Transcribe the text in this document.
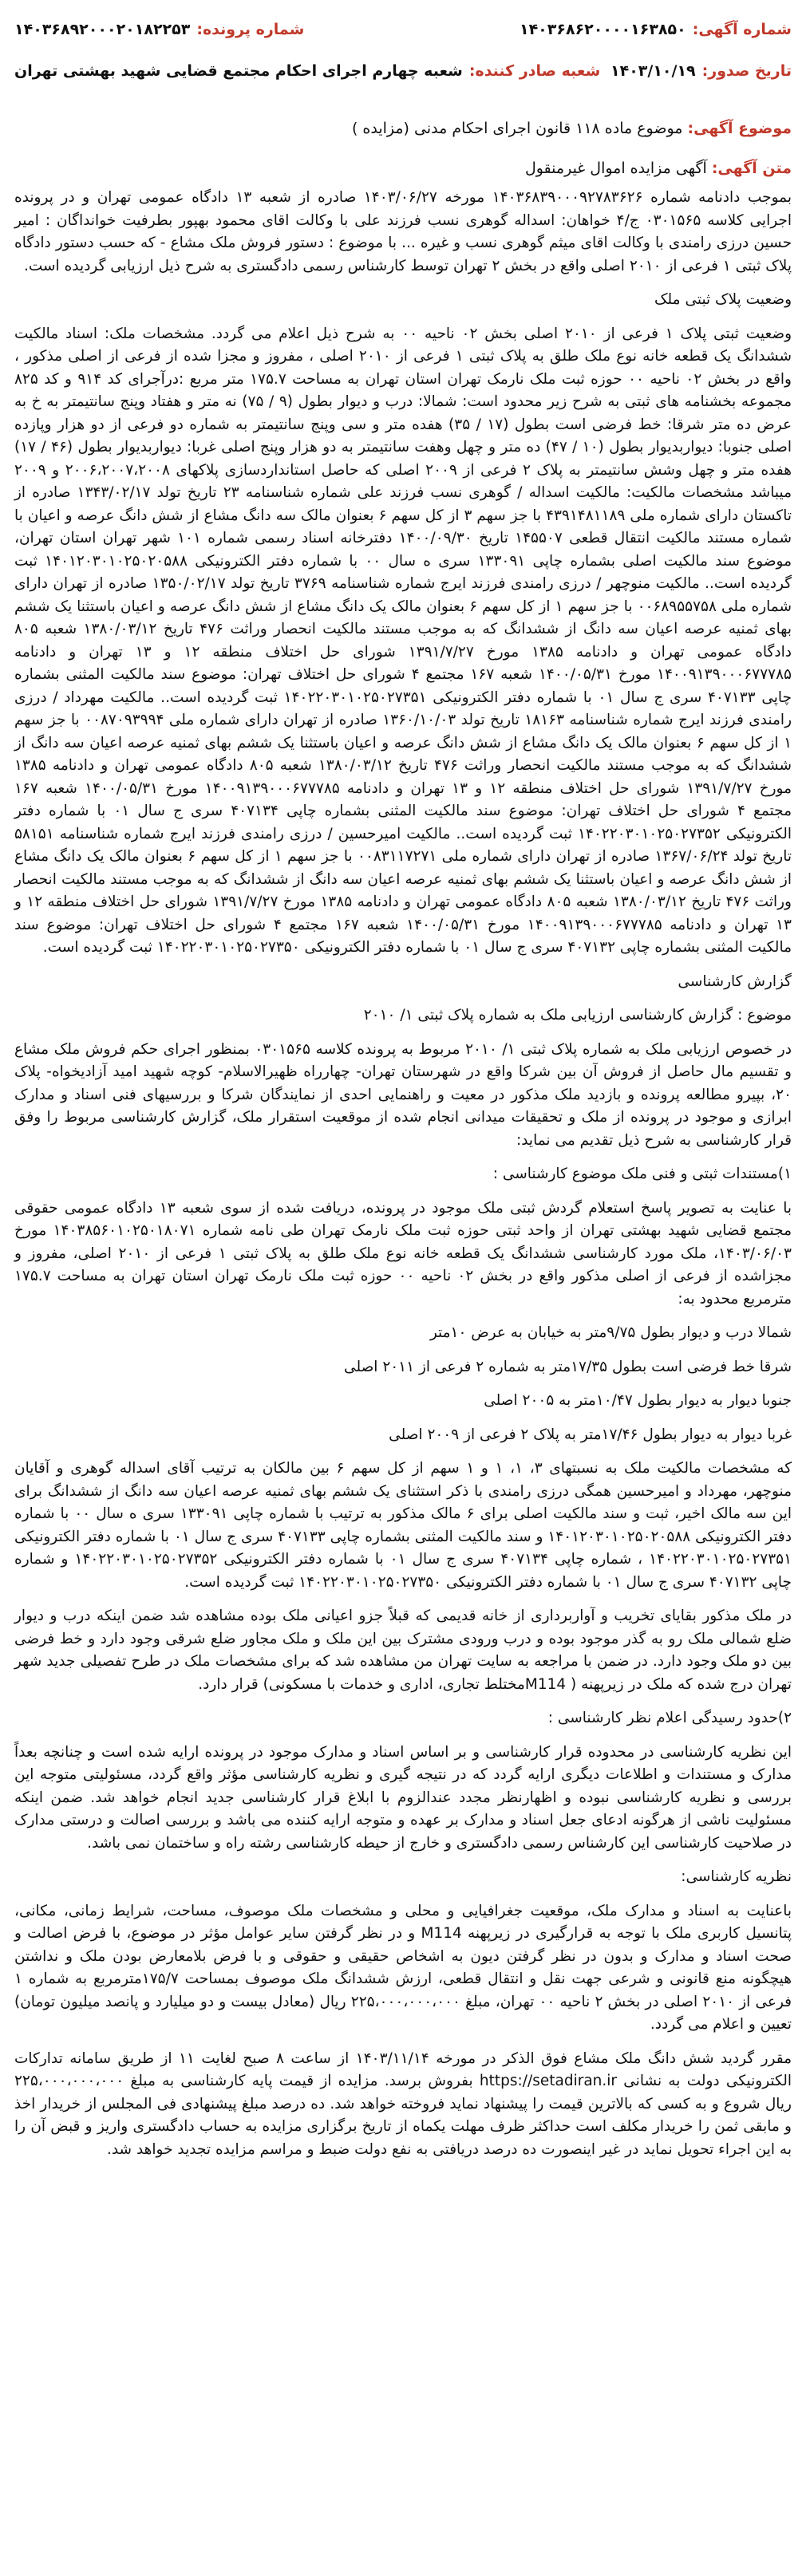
شماره آگهی:
۱۴۰۳۶۸۶۲۰۰۰۰۱۶۳۸۵۰
شماره پرونده:
۱۴۰۳۶۸۹۲۰۰۰۲۰۱۸۲۲۵۳
تاریخ صدور:
۱۴۰۳/۱۰/۱۹
شعبه صادر کننده:
شعبه چهارم اجرای احکام مجتمع قضایی شهید بهشتی تهران
موضوع آگهی: موضوع ماده ۱۱۸ قانون اجرای احکام مدنی (مزایده )
متن آگهی: آگهی مزایده اموال غیرمنقول

بموجب دادنامه شماره ۱۴۰۳۶۸۳۹۰۰۰۹۲۷۸۳۶۲۶ مورخه ۱۴۰۳/۰۶/۲۷ صادره از شعبه ۱۳ دادگاه عمومی تهران و در پرونده اجرایی کلاسه ۰۳۰۱۵۶۵ ج/۴ خواهان: اسداله گوهری نسب فرزند علی با وکالت اقای محمود بهپور بطرفیت خوانداگان : امیر حسین درزی رامندی با وکالت اقای میثم گوهری نسب و غیره ... با موضوع : دستور فروش ملک مشاع - که حسب دستور دادگاه پلاک ثبتی ۱ فرعی از ۲۰۱۰ اصلی واقع در بخش ۲ تهران توسط کارشناس رسمی دادگستری به شرح ذیل ارزیابی گردیده است.

وضعیت پلاک ثبتی ملک

وضعیت ثبتی پلاک ۱ فرعی از ۲۰۱۰ اصلی بخش ۰۲ ناحیه ۰۰ به شرح ذیل اعلام می گردد. مشخصات ملک: اسناد مالکیت ششدانگ یک قطعه خانه نوع ملک طلق به پلاک ثبتی ۱ فرعی از ۲۰۱۰ اصلی ، مفروز و مجزا شده از فرعی از اصلی مذکور ، واقع در بخش ۰۲ ناحیه ۰۰ حوزه ثبت ملک نارمک تهران استان تهران به مساحت ۱۷۵.۷ متر مربع :درآجرای کد ۹۱۴ و کد ۸۲۵ مجموعه بخشنامه های ثبتی به شرح زیر محدود است: شمالا: درب و دیوار بطول (۹ / ۷۵) نه متر و هفتاد وپنج سانتیمتر به خ به عرض ده متر شرقا: خط فرضی است بطول (۱۷ / ۳۵) هفده متر و سی وپنج سانتیمتر به شماره دو فرعی از دو هزار وپازده اصلی جنوبا: دیواربدیوار بطول (۱۰ / ۴۷) ده متر و چهل وهفت سانتیمتر به دو هزار وپنج اصلی غربا: دیواربدیوار بطول (۴۶ / ۱۷) هفده متر و چهل وشش سانتیمتر به پلاک ۲ فرعی از ۲۰۰۹ اصلی که حاصل استانداردسازی پلاکهای ۲۰۰۶،۲۰۰۷،۲۰۰۸ و ۲۰۰۹ میباشد مشخصات مالکیت: مالکیت اسداله / گوهری نسب فرزند علی شماره شناسنامه ۲۳ تاریخ تولد ۱۳۴۳/۰۲/۱۷ صادره از تاکستان دارای شماره ملی ۴۳۹۱۴۸۱۱۸۹ با جز سهم ۳ از کل سهم ۶ بعنوان مالک سه دانگ مشاع از شش دانگ عرصه و اعیان با شماره مستند مالکیت انتقال قطعی ۱۴۵۵۰۷ تاریخ ۱۴۰۰/۰۹/۳۰ دفترخانه اسناد رسمی شماره ۱۰۱ شهر تهران استان تهران، موضوع سند مالکیت اصلی بشماره چاپی ۱۳۳۰۹۱ سری ه سال ۰۰ با شماره دفتر الکترونیکی ۱۴۰۱۲۰۳۰۱۰۲۵۰۲۰۵۸۸ ثبت گردیده است.. مالکیت منوچهر / درزی رامندی فرزند ایرج شماره شناسنامه ۳۷۶۹ تاریخ تولد ۱۳۵۰/۰۲/۱۷ صادره از تهران دارای شماره ملی ۰۰۶۸۹۵۵۷۵۸ با جز سهم ۱ از کل سهم ۶ بعنوان مالک یک دانگ مشاع از شش دانگ عرصه و اعیان باستثنا یک ششم بهای ثمنیه عرصه اعیان سه دانگ از ششدانگ که به موجب مستند مالکیت انحصار وراثت ۴۷۶ تاریخ ۱۳۸۰/۰۳/۱۲ شعبه ۸۰۵ دادگاه عمومی تهران و دادنامه ۱۳۸۵ مورخ ۱۳۹۱/۷/۲۷ شورای حل اختلاف منطقه ۱۲ و ۱۳ تهران و دادنامه ۱۴۰۰۹۱۳۹۰۰۰۶۷۷۷۸۵ مورخ ۱۴۰۰/۰۵/۳۱ شعبه ۱۶۷ مجتمع ۴ شورای حل اختلاف تهران: موضوع سند مالکیت المثنی بشماره چاپی ۴۰۷۱۳۳ سری ج سال ۰۱ با شماره دفتر الکترونیکی ۱۴۰۲۲۰۳۰۱۰۲۵۰۲۷۳۵۱ ثبت گردیده است.. مالکیت مهرداد / درزی رامندی فرزند ایرج شماره شناسنامه ۱۸۱۶۳ تاریخ تولد ۱۳۶۰/۱۰/۰۳ صادره از تهران دارای شماره ملی ۰۰۸۷۰۹۳۹۹۴ با جز سهم ۱ از کل سهم ۶ بعنوان مالک یک دانگ مشاع از شش دانگ عرصه و اعیان باستثنا یک ششم بهای ثمنیه عرصه اعیان سه دانگ از ششدانگ که به موجب مستند مالکیت انحصار وراثت ۴۷۶ تاریخ ۱۳۸۰/۰۳/۱۲ شعبه ۸۰۵ دادگاه عمومی تهران و دادنامه ۱۳۸۵ مورخ ۱۳۹۱/۷/۲۷ شورای حل اختلاف منطقه ۱۲ و ۱۳ تهران و دادنامه ۱۴۰۰۹۱۳۹۰۰۰۶۷۷۷۸۵ مورخ ۱۴۰۰/۰۵/۳۱ شعبه ۱۶۷ مجتمع ۴ شورای حل اختلاف تهران: موضوع سند مالکیت المثنی بشماره چاپی ۴۰۷۱۳۴ سری ج سال ۰۱ با شماره دفتر الکترونیکی ۱۴۰۲۲۰۳۰۱۰۲۵۰۲۷۳۵۲ ثبت گردیده است.. مالکیت امیرحسین / درزی رامندی فرزند ایرج شماره شناسنامه ۵۸۱۵۱ تاریخ تولد ۱۳۶۷/۰۶/۲۴ صادره از تهران دارای شماره ملی ۰۰۸۳۱۱۷۲۷۱ با جز سهم ۱ از کل سهم ۶ بعنوان مالک یک دانگ مشاع از شش دانگ عرصه و اعیان باستثنا یک ششم بهای ثمنیه عرصه اعیان سه دانگ از ششدانگ که به موجب مستند مالکیت انحصار وراثت ۴۷۶ تاریخ ۱۳۸۰/۰۳/۱۲ شعبه ۸۰۵ دادگاه عمومی تهران و دادنامه ۱۳۸۵ مورخ ۱۳۹۱/۷/۲۷ شورای حل اختلاف منطقه ۱۲ و ۱۳ تهران و دادنامه ۱۴۰۰۹۱۳۹۰۰۰۶۷۷۷۸۵ مورخ ۱۴۰۰/۰۵/۳۱ شعبه ۱۶۷ مجتمع ۴ شورای حل اختلاف تهران: موضوع سند مالکیت المثنی بشماره چاپی ۴۰۷۱۳۲ سری ج سال ۰۱ با شماره دفتر الکترونیکی ۱۴۰۲۲۰۳۰۱۰۲۵۰۲۷۳۵۰ ثبت گردیده است.

گزارش کارشناسی

موضوع : گزارش کارشناسی ارزیابی ملک به شماره پلاک ثبتی ۱/ ۲۰۱۰

در خصوص ارزیابی ملک به شماره پلاک ثبتی ۱/ ۲۰۱۰ مربوط به پرونده کلاسه ۰۳۰۱۵۶۵ بمنظور اجرای حکم فروش ملک مشاع و تقسیم مال حاصل از فروش آن بین شرکا واقع در شهرستان تهران- چهارراه ظهیرالاسلام- کوچه شهید امید آزادیخواه- پلاک ۲۰، بپیرو مطالعه پرونده و بازدید ملک مذکور در معیت و راهنمایی احدی از نمایندگان شرکا و بررسیهای فنی اسناد و مدارک ابرازی و موجود در پرونده از ملک و تحقیقات میدانی انجام شده از موقعیت استقرار ملک، گزارش کارشناسی مربوط را وفق قرار کارشناسی به شرح ذیل تقدیم می نماید:

۱)مستندات ثبتی و فنی ملک موضوع کارشناسی :

با عنایت به تصویر پاسخ استعلام گردش ثبتی ملک موجود در پرونده، دریافت شده از سوی شعبه ۱۳ دادگاه عمومی حقوقی مجتمع قضایی شهید بهشتی تهران از واحد ثبتی حوزه ثبت ملک نارمک تهران طی نامه شماره ۱۴۰۳۸۵۶۰۱۰۲۵۰۱۸۰۷۱ مورخ ۱۴۰۳/۰۶/۰۳، ملک مورد کارشناسی ششدانگ یک قطعه خانه نوع ملک طلق به پلاک ثبتی ۱ فرعی از ۲۰۱۰ اصلی، مفروز و مجزاشده از فرعی از اصلی مذکور واقع در بخش ۰۲ ناحیه ۰۰ حوزه ثبت ملک نارمک تهران استان تهران به مساحت ۱۷۵.۷ مترمربع محدود به:

شمالا درب و دیوار بطول ۹/۷۵متر به خیابان به عرض ۱۰متر

شرقا خط فرضی است بطول ۱۷/۳۵متر به شماره ۲ فرعی از ۲۰۱۱ اصلی

جنوبا دیوار به دیوار بطول ۱۰/۴۷متر به ۲۰۰۵ اصلی

غربا دیوار به دیوار بطول ۱۷/۴۶متر به پلاک ۲ فرعی از ۲۰۰۹ اصلی

که مشخصات مالکیت ملک به نسبتهای ۳، ۱، ۱ و ۱ سهم از کل سهم ۶ بین مالکان به ترتیب آقای اسداله گوهری و آقایان منوچهر، مهرداد و امیرحسین همگی درزی رامندی با ذکر استثنای یک ششم بهای ثمنیه عرصه اعیان سه دانگ از ششدانگ برای این سه مالک اخیر، ثبت و سند مالکیت اصلی برای ۶ مالک مذکور به ترتیب با شماره چاپی ۱۳۳۰۹۱ سری ه سال ۰۰ با شماره دفتر الکترونیکی ۱۴۰۱۲۰۳۰۱۰۲۵۰۲۰۵۸۸ و سند مالکیت المثنی بشماره چاپی ۴۰۷۱۳۳ سری ج سال ۰۱ با شماره دفتر الکترونیکی ۱۴۰۲۲۰۳۰۱۰۲۵۰۲۷۳۵۱ ، شماره چاپی ۴۰۷۱۳۴ سری ج سال ۰۱ با شماره دفتر الکترونیکی ۱۴۰۲۲۰۳۰۱۰۲۵۰۲۷۳۵۲ و شماره چاپی ۴۰۷۱۳۲ سری ج سال ۰۱ با شماره دفتر الکترونیکی ۱۴۰۲۲۰۳۰۱۰۲۵۰۲۷۳۵۰ ثبت گردیده است.

در ملک مذکور بقایای تخریب و آواربرداری از خانه قدیمی که قبلاً جزو اعیانی ملک بوده مشاهده شد ضمن اینکه درب و دیوار ضلع شمالی ملک رو به گذر موجود بوده و درب ورودی مشترک بین این ملک و ملک مجاور ضلع شرقی وجود دارد و خط فرضی بین دو ملک وجود دارد. در ضمن با مراجعه به سایت تهران من مشاهده شد که برای مشخصات ملک در طرح تفصیلی جدید شهر تهران درج شده که ملک در زیرپهنه ( M114مختلط تجاری، اداری و خدمات با مسکونی) قرار دارد.

۲)حدود رسیدگی اعلام نظر کارشناسی :

این نظریه کارشناسی در محدوده قرار کارشناسی و بر اساس اسناد و مدارک موجود در پرونده ارایه شده است و چنانچه بعداً مدارک و مستندات و اطلاعات دیگری ارایه گردد که در نتیجه گیری و نظریه کارشناسی مؤثر واقع گردد، مسئولیتی متوجه این بررسی و نظریه کارشناسی نبوده و اظهارنظر مجدد عندالزوم با ابلاغ قرار کارشناسی جدید انجام خواهد شد. ضمن اینکه مسئولیت ناشی از هرگونه ادعای جعل اسناد و مدارک بر عهده و متوجه ارایه کننده می باشد و بررسی اصالت و درستی مدارک در صلاحیت کارشناسی این کارشناس رسمی دادگستری و خارج از حیطه کارشناسی رشته راه و ساختمان نمی باشد.

نظریه کارشناسی:

باعنایت به اسناد و مدارک ملک، موقعیت جغرافیایی و محلی و مشخصات ملک موصوف، مساحت، شرایط زمانی، مکانی، پتانسیل کاربری ملک با توجه به قرارگیری در زیرپهنه M114 و در نظر گرفتن سایر عوامل مؤثر در موضوع، با فرض اصالت و صحت اسناد و مدارک و بدون در نظر گرفتن دیون به اشخاص حقیقی و حقوقی و با فرض بلامعارض بودن ملک و نداشتن هیچگونه منع قانونی و شرعی جهت نقل و انتقال قطعی، ارزش ششدانگ ملک موصوف بمساحت ۱۷۵/۷مترمربع به شماره ۱ فرعی از ۲۰۱۰ اصلی در بخش ۲ ناحیه ۰۰ تهران، مبلغ ۲۲۵،۰۰۰،۰۰۰،۰۰۰ ریال (معادل بیست و دو میلیارد و پانصد میلیون تومان) تعیین و اعلام می گردد.

مقرر گردید شش دانگ ملک مشاع فوق الذکر در مورخه ۱۴۰۳/۱۱/۱۴ از ساعت ۸ صبح لغایت ۱۱ از طریق سامانه تدارکات الکترونیکی دولت به نشانی https://setadiran.ir بفروش برسد. مزایده از قیمت پایه کارشناسی به مبلغ ۲۲۵،۰۰۰،۰۰۰،۰۰۰ ریال شروع و به کسی که بالاترین قیمت را پیشنهاد نماید فروخته خواهد شد. ده درصد مبلغ پیشنهادی فی المجلس از خریدار اخذ و مابقی ثمن را خریدار مکلف است حداکثر ظرف مهلت یکماه از تاریخ برگزاری مزایده به حساب دادگستری واریز و قبض آن را به این اجراء تحویل نماید در غیر اینصورت ده درصد دریافتی به نفع دولت ضبط و مراسم مزایده تجدید خواهد شد.
